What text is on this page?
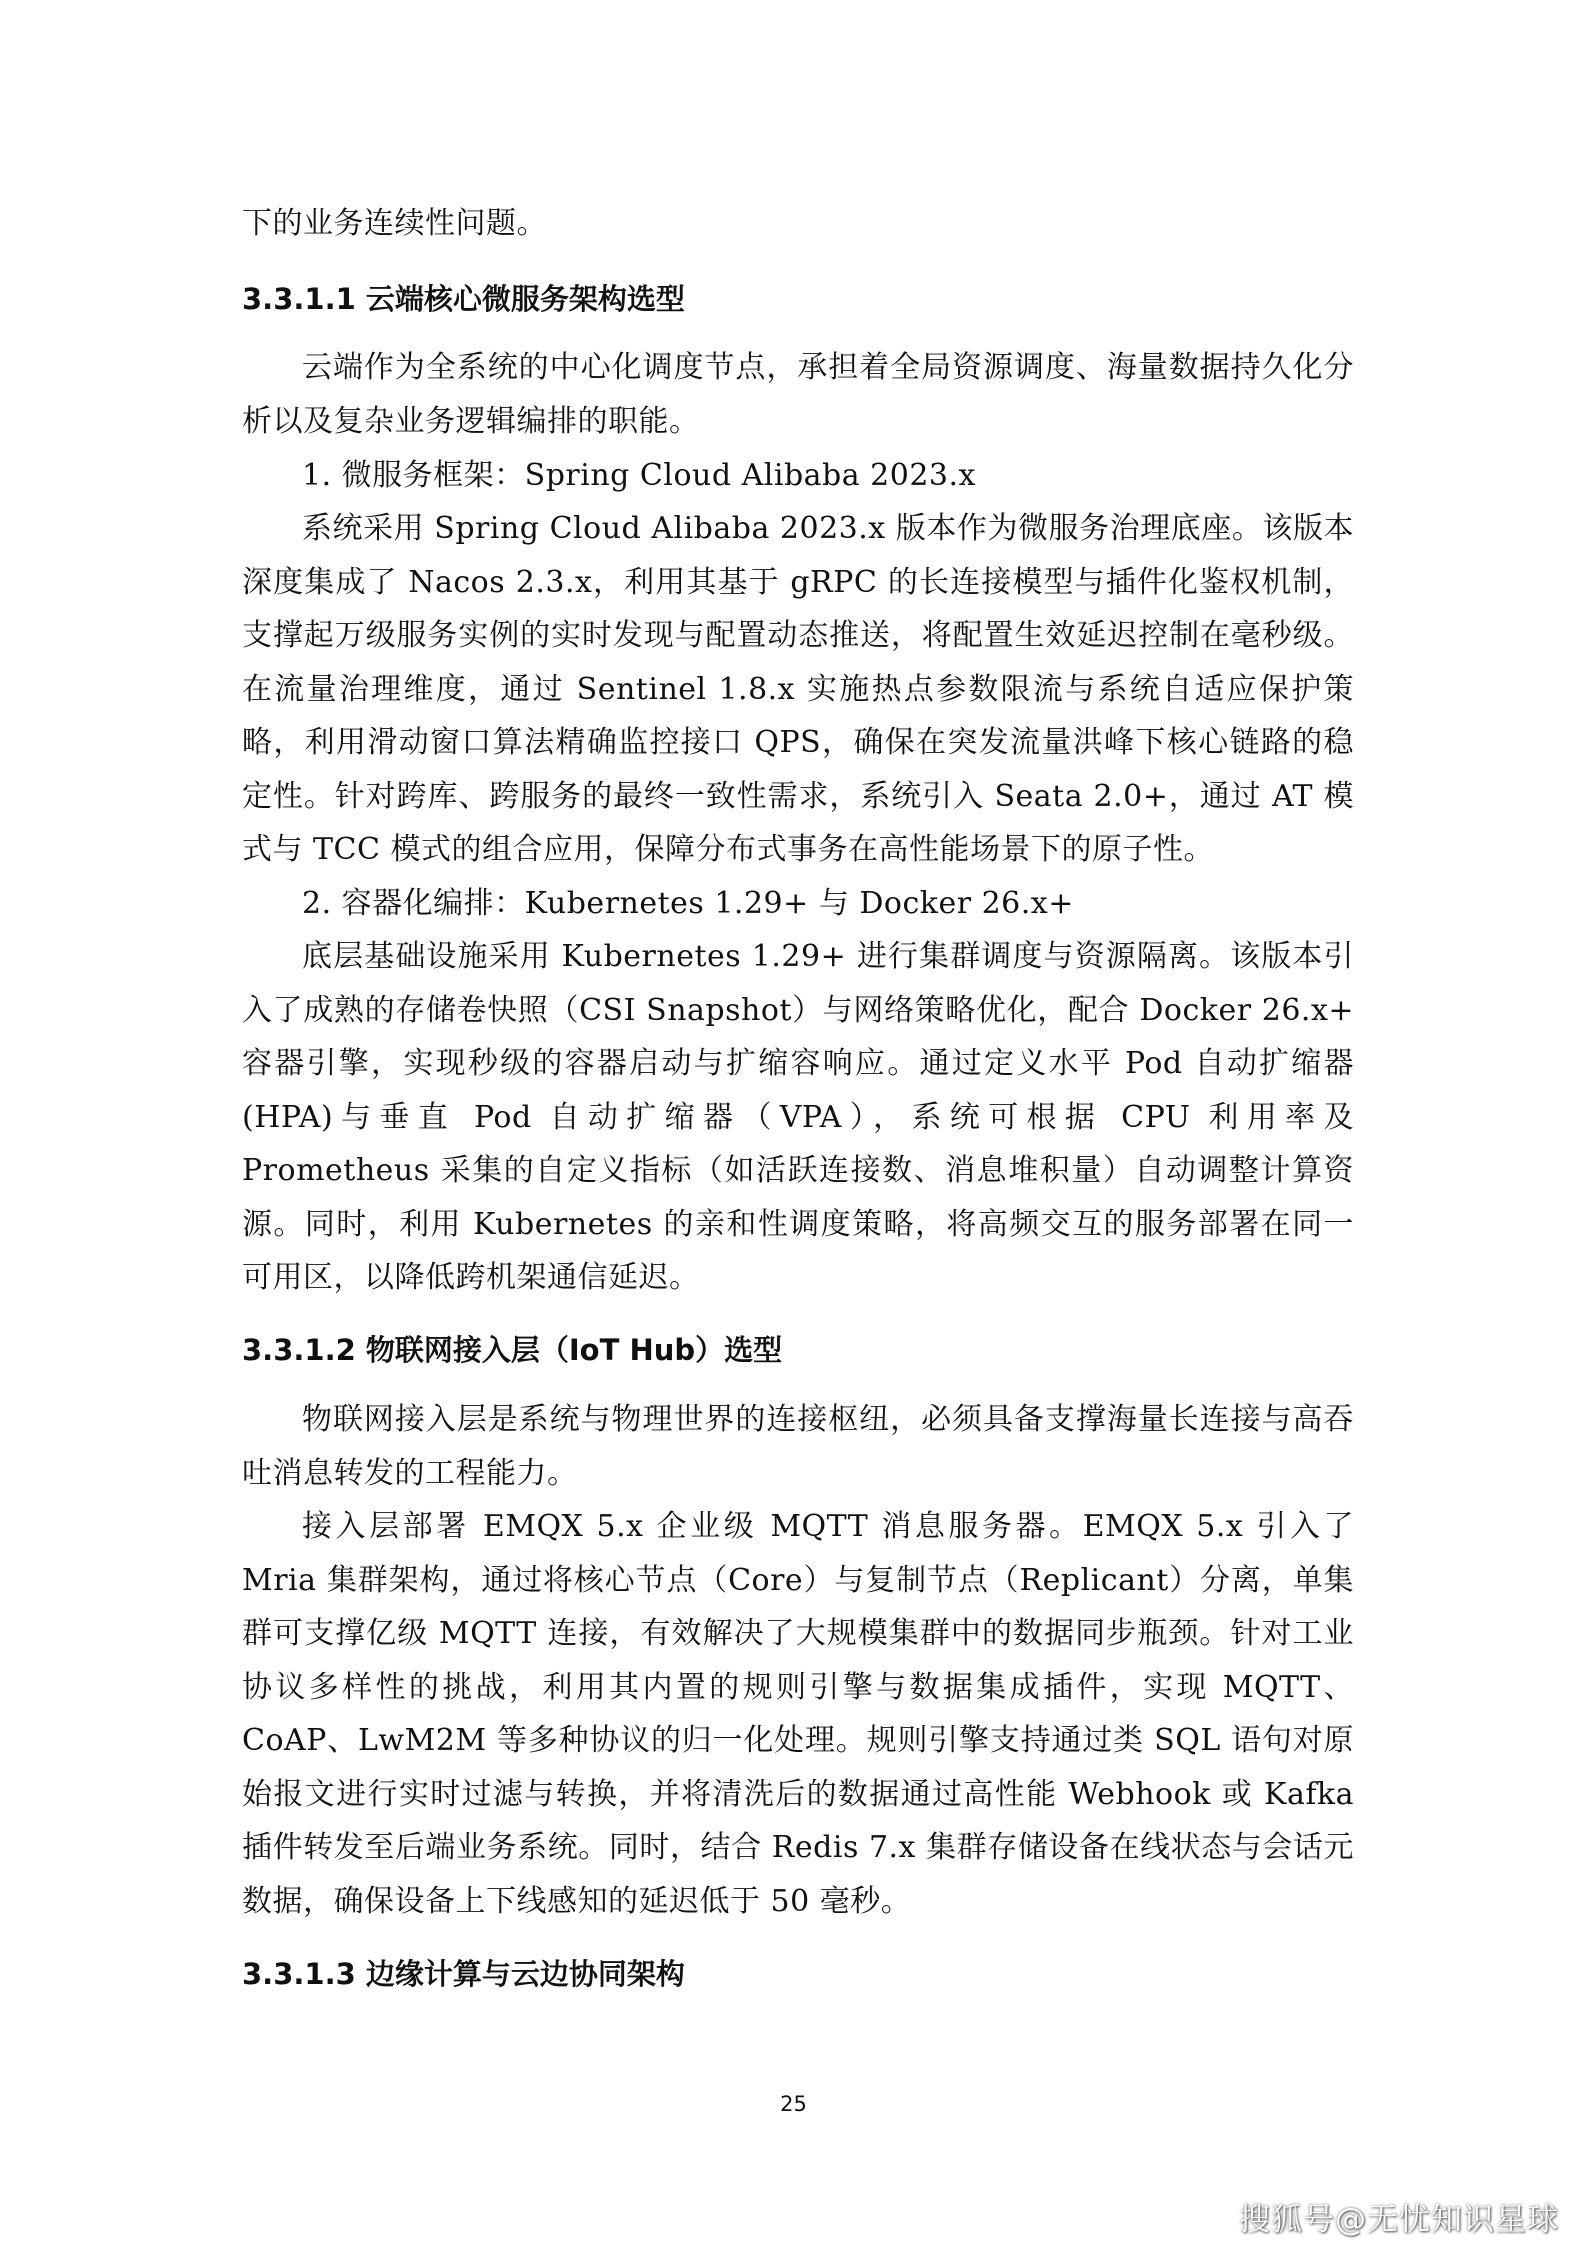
下的业务连续性问题。

3.3.1.1 云端核心微服务架构选型

云端作为全系统的中心化调度节点，承担着全局资源调度、海量数据持久化分析以及复杂业务逻辑编排的职能。

1. 微服务框架：Spring Cloud Alibaba 2023.x

系统采用 Spring Cloud Alibaba 2023.x 版本作为微服务治理底座。该版本深度集成了 Nacos 2.3.x，利用其基于 gRPC 的长连接模型与插件化鉴权机制，支撑起万级服务实例的实时发现与配置动态推送，将配置生效延迟控制在毫秒级。在流量治理维度，通过 Sentinel 1.8.x 实施热点参数限流与系统自适应保护策略，利用滑动窗口算法精确监控接口 QPS，确保在突发流量洪峰下核心链路的稳定性。针对跨库、跨服务的最终一致性需求，系统引入 Seata 2.0+，通过 AT 模式与 TCC 模式的组合应用，保障分布式事务在高性能场景下的原子性。

2. 容器化编排：Kubernetes 1.29+ 与 Docker 26.x+

底层基础设施采用 Kubernetes 1.29+ 进行集群调度与资源隔离。该版本引入了成熟的存储卷快照（CSI Snapshot）与网络策略优化，配合 Docker 26.x+ 容器引擎，实现秒级的容器启动与扩缩容响应。通过定义水平 Pod 自动扩缩器(HPA)与垂直 Pod 自动扩缩器（VPA），系统可根据 CPU 利用率及 Prometheus 采集的自定义指标（如活跃连接数、消息堆积量）自动调整计算资源。同时，利用 Kubernetes 的亲和性调度策略，将高频交互的服务部署在同一可用区，以降低跨机架通信延迟。

3.3.1.2 物联网接入层（IoT Hub）选型

物联网接入层是系统与物理世界的连接枢纽，必须具备支撑海量长连接与高吞吐消息转发的工程能力。

接入层部署 EMQX 5.x 企业级 MQTT 消息服务器。EMQX 5.x 引入了 Mria 集群架构，通过将核心节点（Core）与复制节点（Replicant）分离，单集群可支撑亿级 MQTT 连接，有效解决了大规模集群中的数据同步瓶颈。针对工业协议多样性的挑战，利用其内置的规则引擎与数据集成插件，实现 MQTT、CoAP、LwM2M 等多种协议的归一化处理。规则引擎支持通过类 SQL 语句对原始报文进行实时过滤与转换，并将清洗后的数据通过高性能 Webhook 或 Kafka 插件转发至后端业务系统。同时，结合 Redis 7.x 集群存储设备在线状态与会话元数据，确保设备上下线感知的延迟低于 50 毫秒。

3.3.1.3 边缘计算与云边协同架构
25
搜狐号@无忧知识星球
